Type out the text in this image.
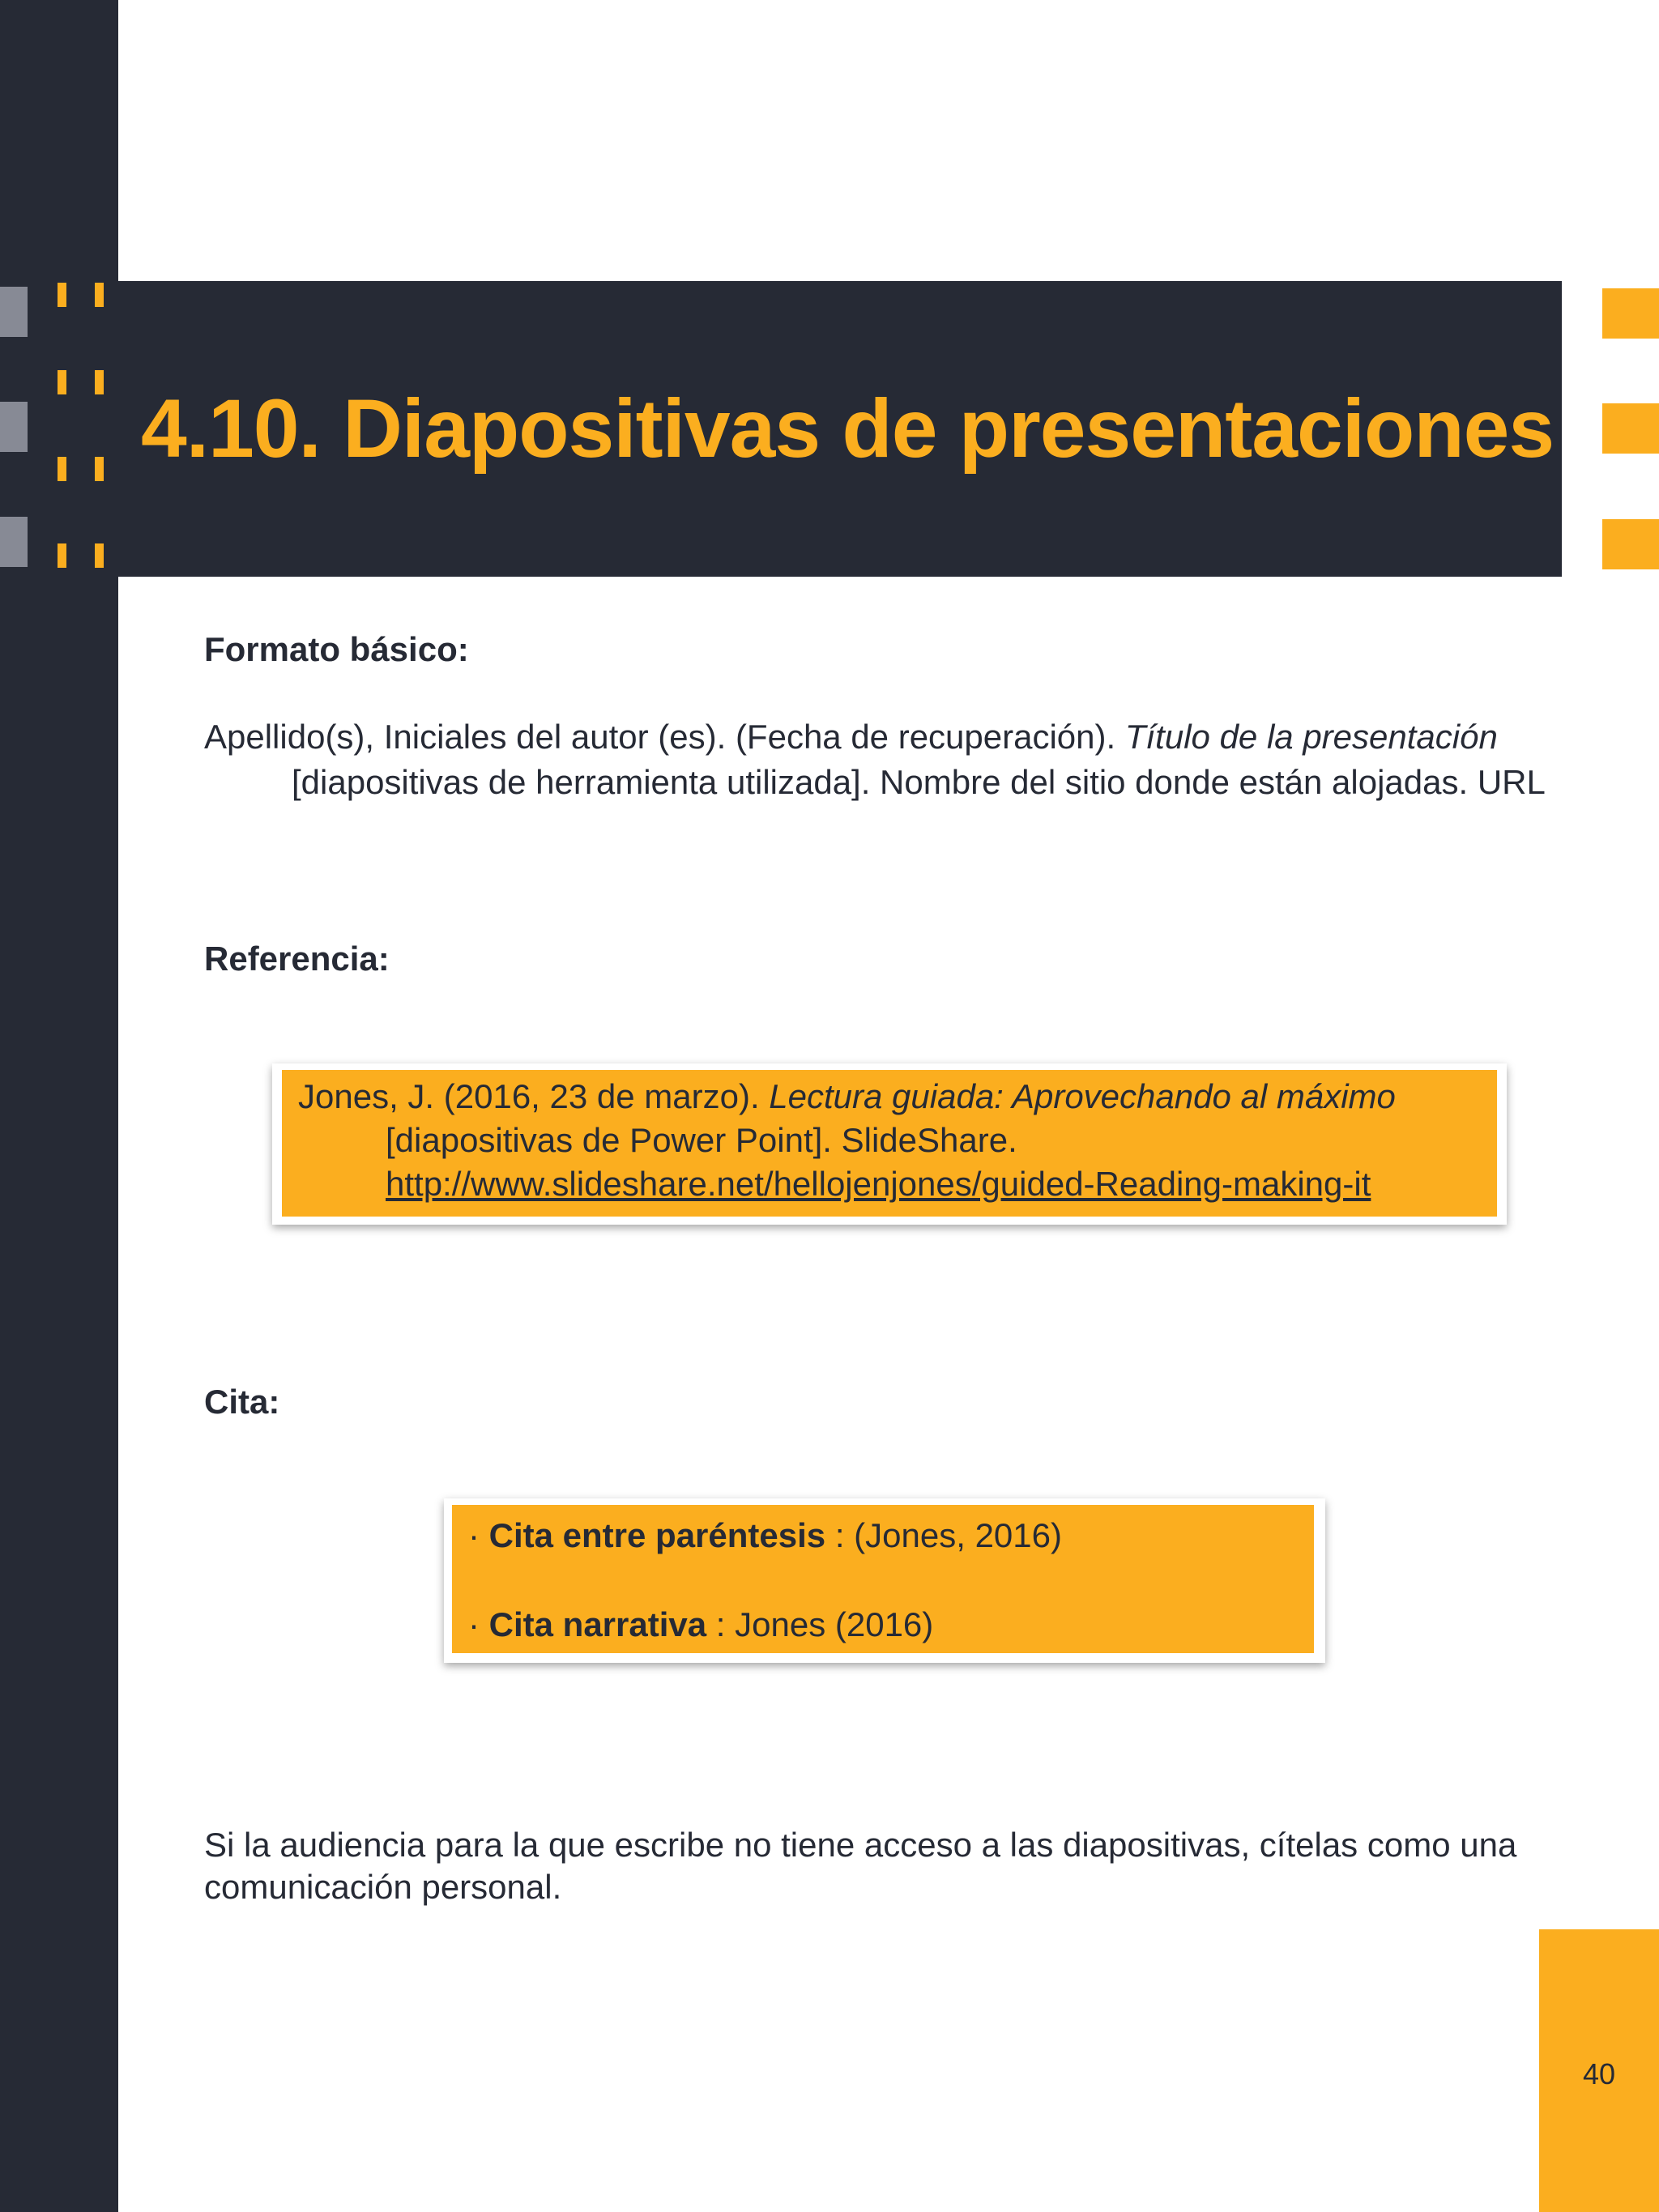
4.10. Diapositivas de presentaciones
Formato básico:

Apellido(s), Iniciales del autor (es). (Fecha de recuperación). Título de la presentación [diapositivas de herramienta utilizada]. Nombre del sitio donde están alojadas. URL

Referencia:
Jones, J. (2016, 23 de marzo). Lectura guiada: Aprovechando al máximo [diapositivas de Power Point]. SlideShare. http://www.slideshare.net/hellojenjones/guided-Reading-making-it
Cita:
· Cita entre paréntesis : (Jones, 2016)
· Cita narrativa : Jones (2016)

Si la audiencia para la que escribe no tiene acceso a las diapositivas, cítelas como una comunicación personal.

40
